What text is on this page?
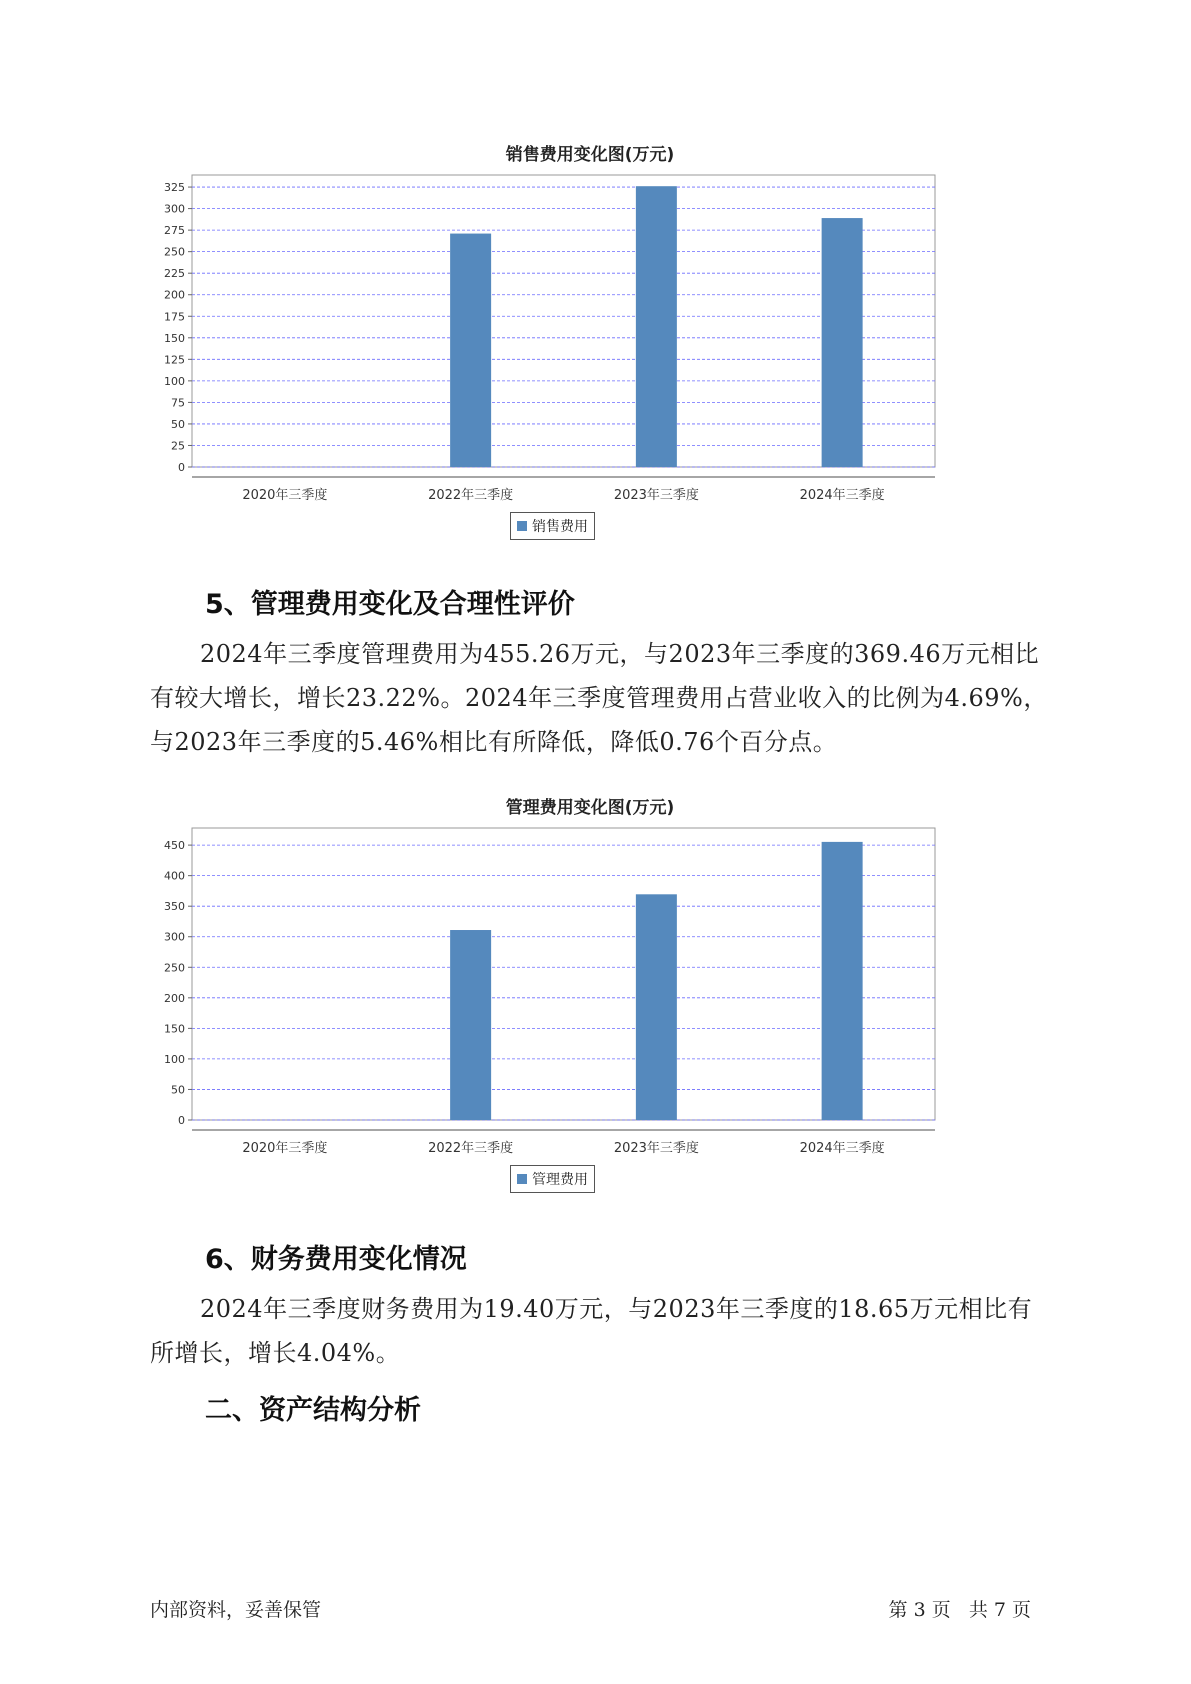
销售费用变化图(万元)
0
25
50
75
100
125
150
175
200
225
250
275
300
325
2020年三季度	2022年三季度	2023年三季度	2024年三季度
销售费用
5、管理费用变化及合理性评价
2024年三季度管理费用为455.26万元，与2023年三季度的369.46万元相比有较大增长，增长23.22%。2024年三季度管理费用占营业收入的比例为4.69%，与2023年三季度的5.46%相比有所降低，降低0.76个百分点。
管理费用变化图(万元)
0
50
100
150
200
250
300
350
400
450
2020年三季度	2022年三季度	2023年三季度	2024年三季度
管理费用
6、财务费用变化情况
2024年三季度财务费用为19.40万元，与2023年三季度的18.65万元相比有所增长，增长4.04%。
二、资产结构分析
内部资料，妥善保管	第 3 页   共 7 页
